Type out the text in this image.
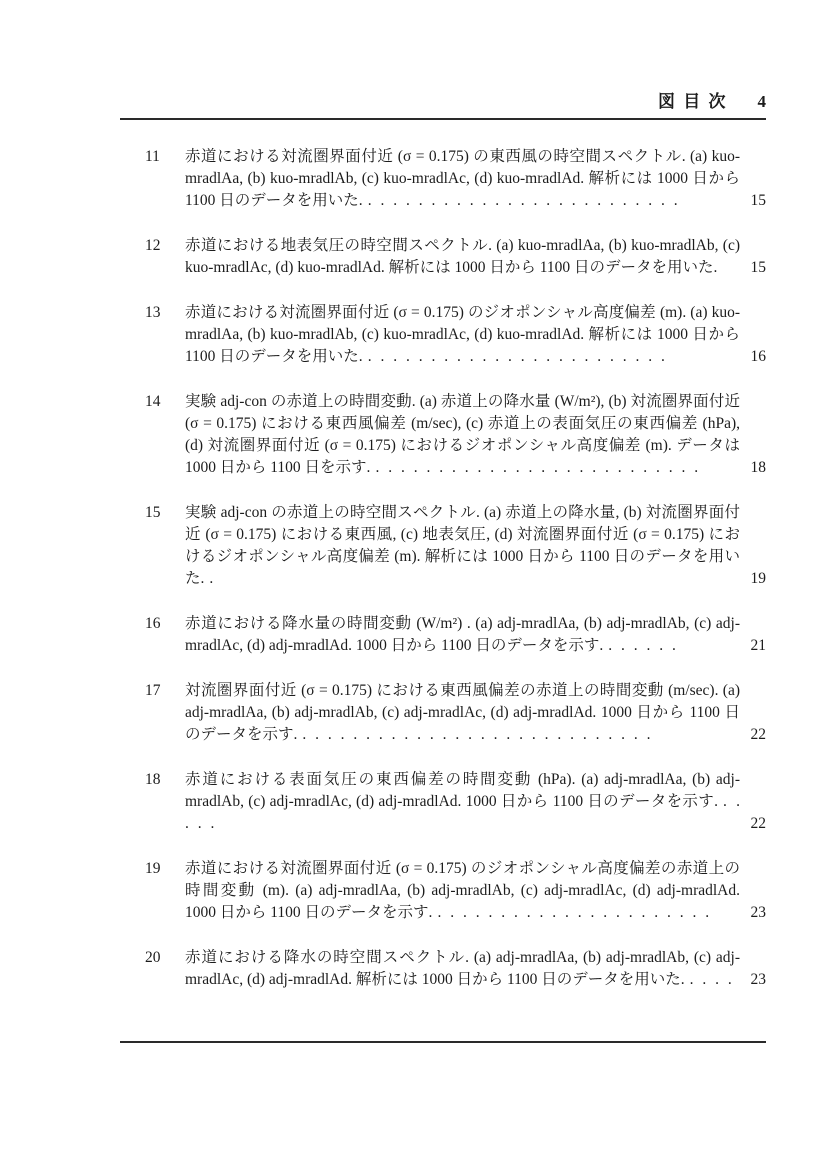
図 目 次 4
11	赤道における対流圏界面付近 (σ = 0.175) の東西風の時空間スペクトル. (a) kuo-mradlAa, (b) kuo-mradlAb, (c) kuo-mradlAc, (d) kuo-mradlAd. 解析には 1000 日から 1100 日のデータを用いた. . . . . . . . . . . . . . . . . . . . . . . . . .	15
12	赤道における地表気圧の時空間スペクトル. (a) kuo-mradlAa, (b) kuo-mradlAb, (c) kuo-mradlAc, (d) kuo-mradlAd. 解析には 1000 日から 1100 日のデータを用いた. 15
13	赤道における対流圏界面付近 (σ = 0.175) のジオポンシャル高度偏差 (m). (a) kuo-mradlAa, (b) kuo-mradlAb, (c) kuo-mradlAc, (d) kuo-mradlAd. 解析には 1000 日から 1100 日のデータを用いた. . . . . . . . . . . . . . . . . . . . . . . . .	16
14	実験 adj-con の赤道上の時間変動. (a) 赤道上の降水量 (W/m²), (b) 対流圏界面付近 (σ = 0.175) における東西風偏差 (m/sec), (c) 赤道上の表面気圧の東西偏差 (hPa), (d) 対流圏界面付近 (σ = 0.175) におけるジオポンシャル高度偏差 (m). データは 1000 日から 1100 日を示す. . . . . . . . . . . . . . . . . . . . . . . . . . .	18
15	実験 adj-con の赤道上の時空間スペクトル. (a) 赤道上の降水量, (b) 対流圏界面付近 (σ = 0.175) における東西風, (c) 地表気圧, (d) 対流圏界面付近 (σ = 0.175) におけるジオポンシャル高度偏差 (m). 解析には 1000 日から 1100 日のデータを用いた. .	19
16	赤道における降水量の時間変動 (W/m²) . (a) adj-mradlAa, (b) adj-mradlAb, (c) adj-mradlAc, (d) adj-mradlAd. 1000 日から 1100 日のデータを示す. . . . . . .	21
17	対流圏界面付近 (σ = 0.175) における東西風偏差の赤道上の時間変動 (m/sec). (a) adj-mradlAa, (b) adj-mradlAb, (c) adj-mradlAc, (d) adj-mradlAd. 1000 日から 1100 日のデータを示す. . . . . . . . . . . . . . . . . . . . . . . . . . . . .	22
18	赤道における表面気圧の東西偏差の時間変動 (hPa). (a) adj-mradlAa, (b) adj-mradlAb, (c) adj-mradlAc, (d) adj-mradlAd. 1000 日から 1100 日のデータを示す. . . . . .	22
19	赤道における対流圏界面付近 (σ = 0.175) のジオポンシャル高度偏差の赤道上の時間変動 (m). (a) adj-mradlAa, (b) adj-mradlAb, (c) adj-mradlAc, (d) adj-mradlAd. 1000 日から 1100 日のデータを示す. . . . . . . . . . . . . . . . . . . . . . .	23
20	赤道における降水の時空間スペクトル. (a) adj-mradlAa, (b) adj-mradlAb, (c) adj-mradlAc, (d) adj-mradlAd. 解析には 1000 日から 1100 日のデータを用いた. . . . . 23
